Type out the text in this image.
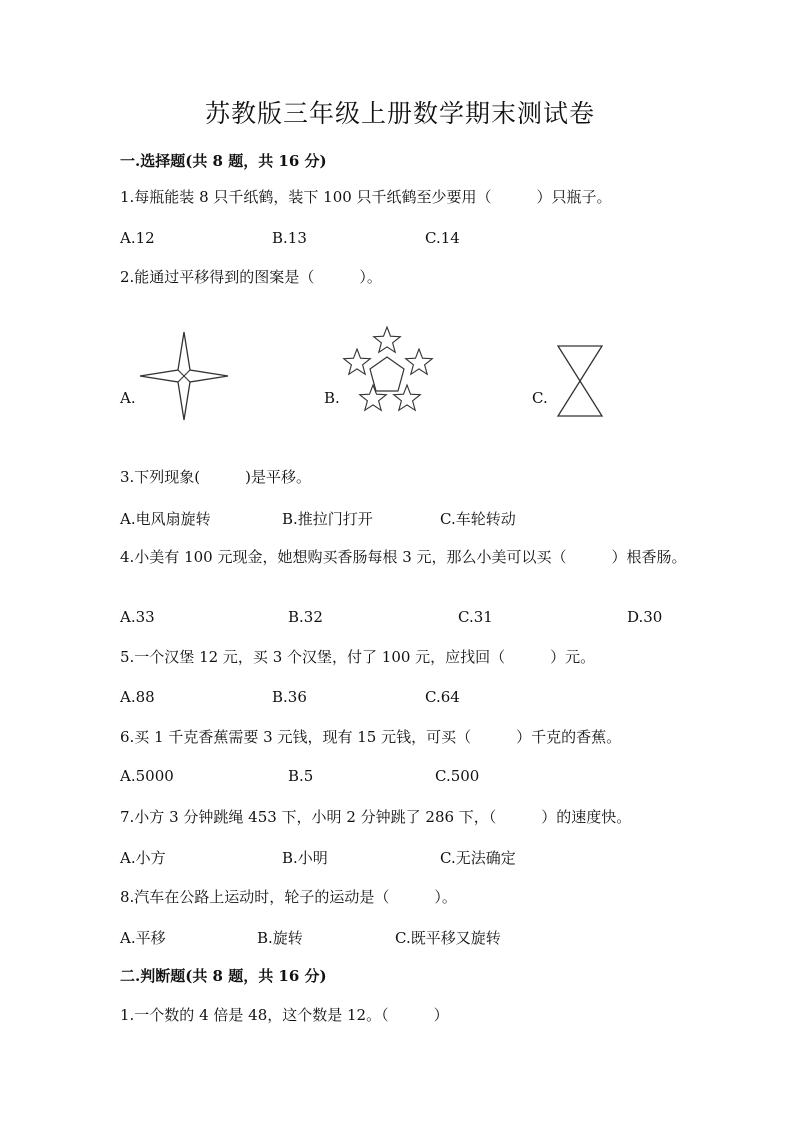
苏教版三年级上册数学期末测试卷
一.选择题(共 8 题，共 16 分)
1.每瓶能装 8 只千纸鹤，装下 100 只千纸鹤至少要用（　　　）只瓶子。
A.12	B.13	C.14
2.能通过平移得到的图案是（　　　）。
A.	B.	C.
3.下列现象(　　　)是平移。
A.电风扇旋转	B.推拉门打开	C.车轮转动
4.小美有 100 元现金，她想购买香肠每根 3 元，那么小美可以买（　　　）根香肠。
A.33	B.32	C.31	D.30
5.一个汉堡 12 元，买 3 个汉堡，付了 100 元，应找回（　　　）元。
A.88	B.36	C.64
6.买 1 千克香蕉需要 3 元钱，现有 15 元钱，可买（　　　）千克的香蕉。
A.5000	B.5	C.500
7.小方 3 分钟跳绳 453 下，小明 2 分钟跳了 286 下，（　　　）的速度快。
A.小方	B.小明	C.无法确定
8.汽车在公路上运动时，轮子的运动是（　　　）。
A.平移	B.旋转	C.既平移又旋转
二.判断题(共 8 题，共 16 分)
1.一个数的 4 倍是 48，这个数是 12。（　　　）
